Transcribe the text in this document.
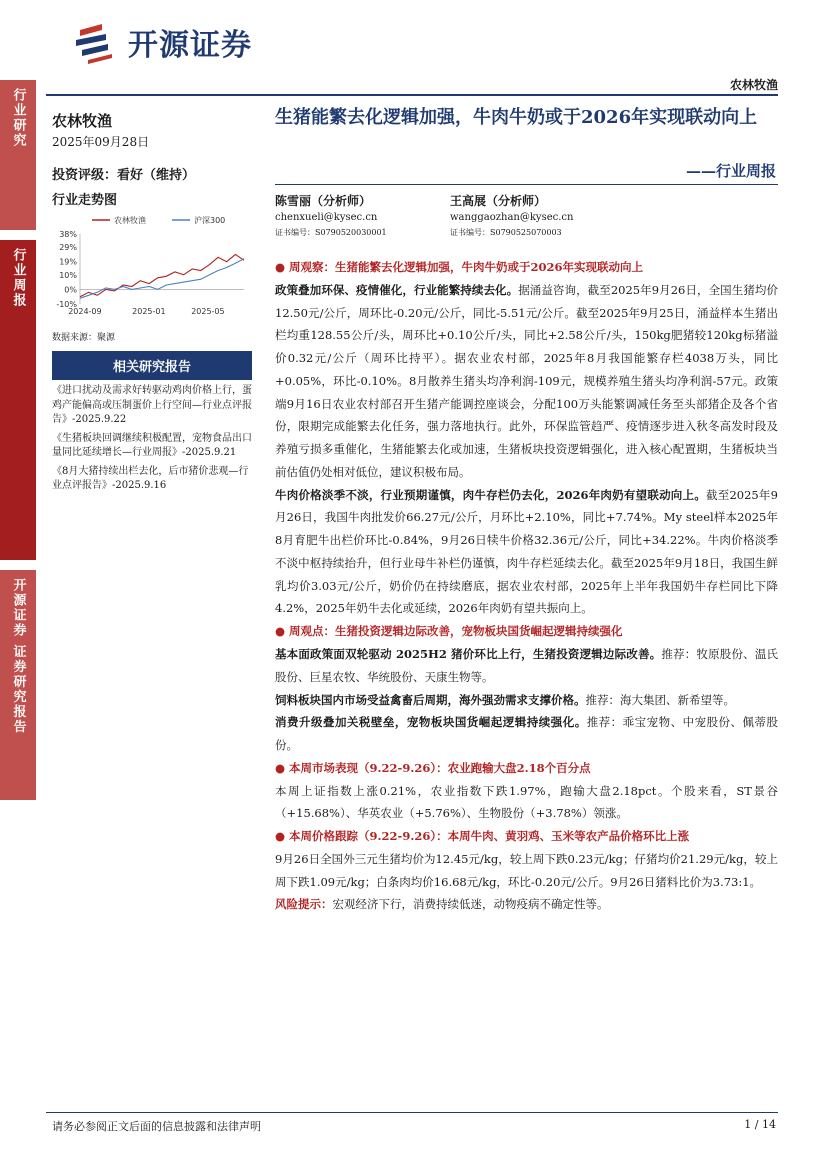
开源证券
农林牧渔
行业研究
行业周报
开源证券 证券研究报告
农林牧渔
2025年09月28日
投资评级：看好（维持）
行业走势图
农林牧渔	沪深300
38%
29%
19%
10%
0%
-10%
2024-09	2025-01	2025-05
数据来源：聚源
相关研究报告
《进口扰动及需求好转驱动鸡肉价格上行，蛋鸡产能偏高或压制蛋价上行空间—行业点评报告》-2025.9.22
《生猪板块回调继续积极配置，宠物食品出口量同比延续增长—行业周报》-2025.9.21
《8月大猪持续出栏去化，后市猪价悲观—行业点评报告》-2025.9.16
生猪能繁去化逻辑加强，牛肉牛奶或于2026年实现联动向上
——行业周报
陈雪丽（分析师）
chenxueli@kysec.cn
证书编号：S0790520030001
王高展（分析师）
wanggaozhan@kysec.cn
证书编号：S0790525070003
● 周观察：生猪能繁去化逻辑加强，牛肉牛奶或于2026年实现联动向上
政策叠加环保、疫情催化，行业能繁持续去化。据涌益咨询，截至2025年9月26日，全国生猪均价12.50元/公斤，周环比-0.20元/公斤，同比-5.51元/公斤。截至2025年9月25日，涌益样本生猪出栏均重128.55公斤/头，周环比+0.10公斤/头，同比+2.58公斤/头，150kg肥猪较120kg标猪溢价0.32元/公斤（周环比持平）。据农业农村部，2025年8月我国能繁存栏4038万头，同比+0.05%，环比-0.10%。8月散养生猪头均净利润-109元，规模养殖生猪头均净利润-57元。政策端9月16日农业农村部召开生猪产能调控座谈会，分配100万头能繁调减任务至头部猪企及各个省份，限期完成能繁去化任务，强力落地执行。此外，环保监管趋严、疫情逐步进入秋冬高发时段及养殖亏损多重催化，生猪能繁去化或加速，生猪板块投资逻辑强化，进入核心配置期，生猪板块当前估值仍处相对低位，建议积极布局。
牛肉价格淡季不淡，行业预期谨慎，肉牛存栏仍去化，2026年肉奶有望联动向上。截至2025年9月26日，我国牛肉批发价66.27元/公斤，月环比+2.10%，同比+7.74%。My steel样本2025年8月育肥牛出栏价环比-0.84%，9月26日犊牛价格32.36元/公斤，同比+34.22%。牛肉价格淡季不淡中枢持续抬升，但行业母牛补栏仍谨慎，肉牛存栏延续去化。截至2025年9月18日，我国生鲜乳均价3.03元/公斤，奶价仍在持续磨底，据农业农村部，2025年上半年我国奶牛存栏同比下降4.2%，2025年奶牛去化或延续，2026年肉奶有望共振向上。
● 周观点：生猪投资逻辑边际改善，宠物板块国货崛起逻辑持续强化
基本面政策面双轮驱动 2025H2 猪价环比上行，生猪投资逻辑边际改善。推荐：牧原股份、温氏股份、巨星农牧、华统股份、天康生物等。
饲料板块国内市场受益禽畜后周期，海外强劲需求支撑价格。推荐：海大集团、新希望等。
消费升级叠加关税壁垒，宠物板块国货崛起逻辑持续强化。推荐：乖宝宠物、中宠股份、佩蒂股份。
● 本周市场表现（9.22-9.26）：农业跑输大盘2.18个百分点
本周上证指数上涨0.21%，农业指数下跌1.97%，跑输大盘2.18pct。个股来看，ST景谷（+15.68%）、华英农业（+5.76%）、生物股份（+3.78%）领涨。
● 本周价格跟踪（9.22-9.26）：本周牛肉、黄羽鸡、玉米等农产品价格环比上涨
9月26日全国外三元生猪均价为12.45元/kg，较上周下跌0.23元/kg；仔猪均价21.29元/kg，较上周下跌1.09元/kg；白条肉均价16.68元/kg，环比-0.20元/公斤。9月26日猪料比价为3.73:1。
风险提示：宏观经济下行，消费持续低迷，动物疫病不确定性等。
请务必参阅正文后面的信息披露和法律声明	1 / 14
